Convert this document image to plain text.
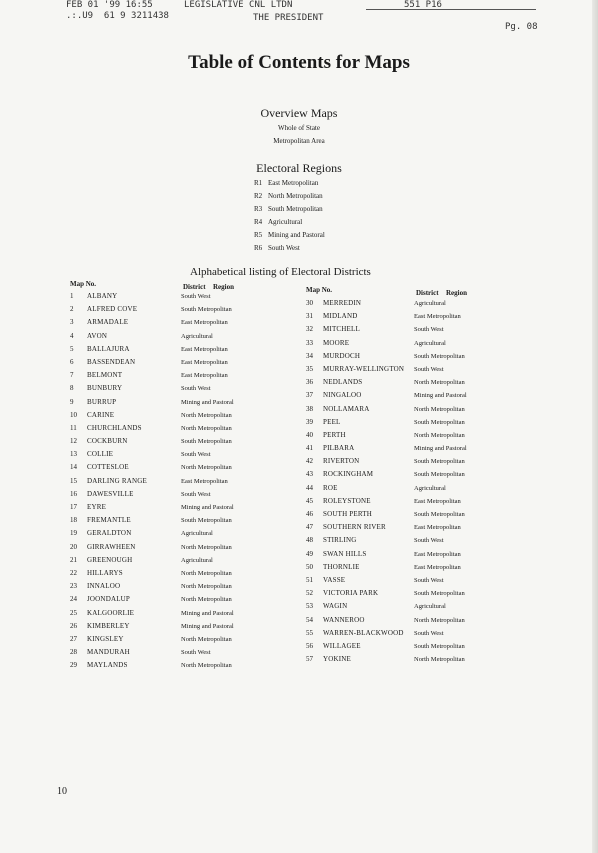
FEB 01 '99 16:55	LEGISLATIVE CNL LTDN	551 P16
.:.U9  61 9 3211438	THE PRESIDENT
Pg. 08
Table of Contents for Maps
Overview Maps
Whole of State
Metropolitan Area
Electoral Regions
R1 East Metropolitan
R2 North Metropolitan
R3 South Metropolitan
R4 Agricultural
R5 Mining and Pastoral
R6 South West
Alphabetical listing of Electoral Districts
Map No.	District Region	Map No.	District Region
1	ALBANY	South West
2	ALFRED COVE	South Metropolitan
3	ARMADALE	East Metropolitan
4	AVON	Agricultural
5	BALLAJURA	East Metropolitan
6	BASSENDEAN	East Metropolitan
7	BELMONT	East Metropolitan
8	BUNBURY	South West
9	BURRUP	Mining and Pastoral
10	CARINE	North Metropolitan
11	CHURCHLANDS	North Metropolitan
12	COCKBURN	South Metropolitan
13	COLLIE	South West
14	COTTESLOE	North Metropolitan
15	DARLING RANGE	East Metropolitan
16	DAWESVILLE	South West
17	EYRE	Mining and Pastoral
18	FREMANTLE	South Metropolitan
19	GERALDTON	Agricultural
20	GIRRAWHEEN	North Metropolitan
21	GREENOUGH	Agricultural
22	HILLARYS	North Metropolitan
23	INNALOO	North Metropolitan
24	JOONDALUP	North Metropolitan
25	KALGOORLIE	Mining and Pastoral
26	KIMBERLEY	Mining and Pastoral
27	KINGSLEY	North Metropolitan
28	MANDURAH	South West
29	MAYLANDS	North Metropolitan
30	MERREDIN	Agricultural
31	MIDLAND	East Metropolitan
32	MITCHELL	South West
33	MOORE	Agricultural
34	MURDOCH	South Metropolitan
35	MURRAY-WELLINGTON South West
36	NEDLANDS	North Metropolitan
37	NINGALOO	Mining and Pastoral
38	NOLLAMARA	North Metropolitan
39	PEEL	South Metropolitan
40	PERTH	North Metropolitan
41	PILBARA	Mining and Pastoral
42	RIVERTON	South Metropolitan
43	ROCKINGHAM	South Metropolitan
44	ROE	Agricultural
45	ROLEYSTONE	East Metropolitan
46	SOUTH PERTH	South Metropolitan
47	SOUTHERN RIVER	East Metropolitan
48	STIRLING	South West
49	SWAN HILLS	East Metropolitan
50	THORNLIE	East Metropolitan
51	VASSE	South West
52	VICTORIA PARK	South Metropolitan
53	WAGIN	Agricultural
54	WANNEROO	North Metropolitan
55	WARREN-BLACKWOOD South West
56	WILLAGEE	South Metropolitan
57	YOKINE	North Metropolitan
10
